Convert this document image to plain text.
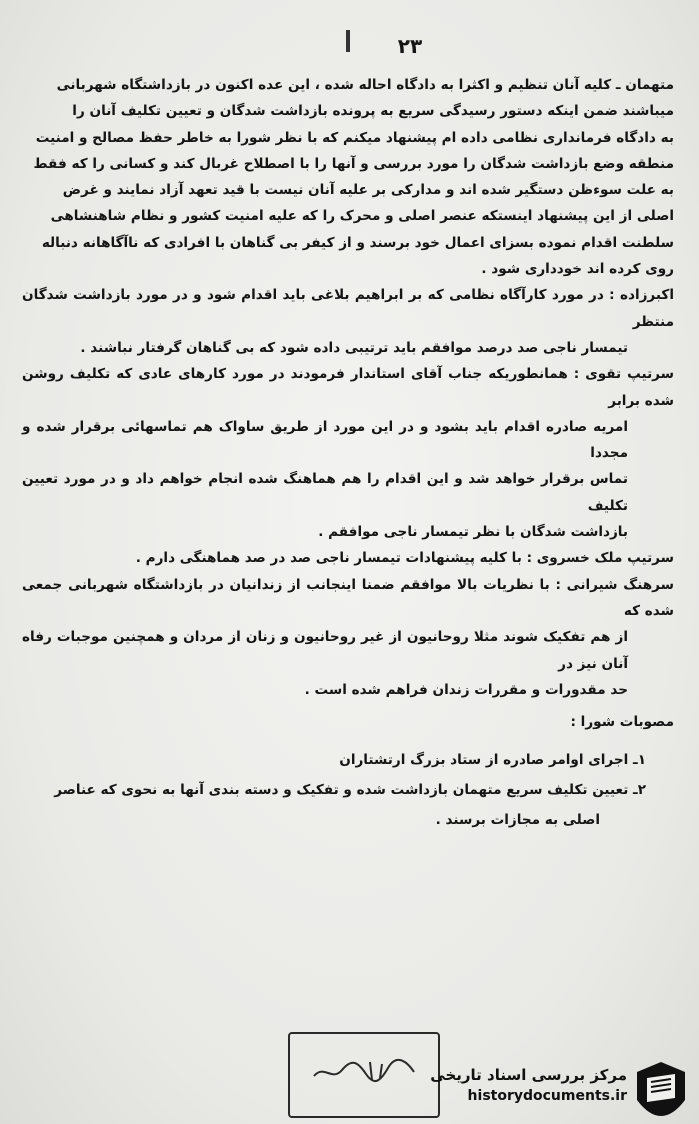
۲۳
متهمان ـ کلیه آنان تنظیم و اکثرا به دادگاه احاله شده ، این عده اکنون در بازداشتگاه شهربانی
میباشند ضمن اینکه دستور رسیدگی سریع به پرونده بازداشت شدگان و تعیین تکلیف آنان را
به دادگاه فرمانداری نظامی داده ام پیشنهاد میکنم که با نظر شورا به خاطر حفظ مصالح و امنیت
منطقه وضع بازداشت شدگان را مورد بررسی و آنها را با اصطلاح غربال کند و کسانی را که فقط
به علت سوءظن دستگیر شده اند و مدارکی بر علیه آنان نیست با قید تعهد آزاد نمایند و غرض
اصلی از این پیشنهاد اینستکه عنصر اصلی و محرک را که علیه امنیت کشور و نظام شاهنشاهی
سلطنت اقدام نموده بسزای اعمال خود برسند و از کیفر بی گناهان با افرادی که ناآگاهانه دنباله
روی کرده اند خودداری شود .
اکبرزاده : در مورد کارآگاه نظامی که بر ابراهیم بلاغی باید اقدام شود و در مورد بازداشت شدگان منتظر
تیمسار ناجی صد درصد موافقم باید ترتیبی داده شود که بی گناهان گرفتار نباشند .
سرتیپ تقوی : همانطوریکه جناب آقای استاندار فرمودند در مورد کارهای عادی که تکلیف روشن شده برابر
امریه صادره اقدام باید بشود و در این مورد از طریق ساواک هم تماسهائی برقرار شده و مجددا
تماس برقرار خواهد شد و این اقدام را هم هماهنگ شده انجام خواهم داد و در مورد تعیین تکلیف
بازداشت شدگان با نظر تیمسار ناجی موافقم .
سرتیپ ملک خسروی : با کلیه پیشنهادات تیمسار ناجی صد در صد هماهنگی دارم .
سرهنگ شیرانی : با نظریات بالا موافقم ضمنا اینجانب از زندانیان در بازداشتگاه شهربانی جمعی شده که
از هم تفکیک شوند مثلا روحانیون از غیر روحانیون و زنان از مردان و همچنین موجبات رفاه آنان نیز در
حد مقدورات و مقررات زندان فراهم شده است .
مصوبات شورا :
۱ـ اجرای اوامر صادره از ستاد بزرگ ارتشتاران
۲ـ تعیین تکلیف سریع متهمان بازداشت شده و تفکیک و دسته بندی آنها به نحوی که عناصر
اصلی به مجازات برسند .
مرکز بررسی اسناد تاریخی
historydocuments.ir
